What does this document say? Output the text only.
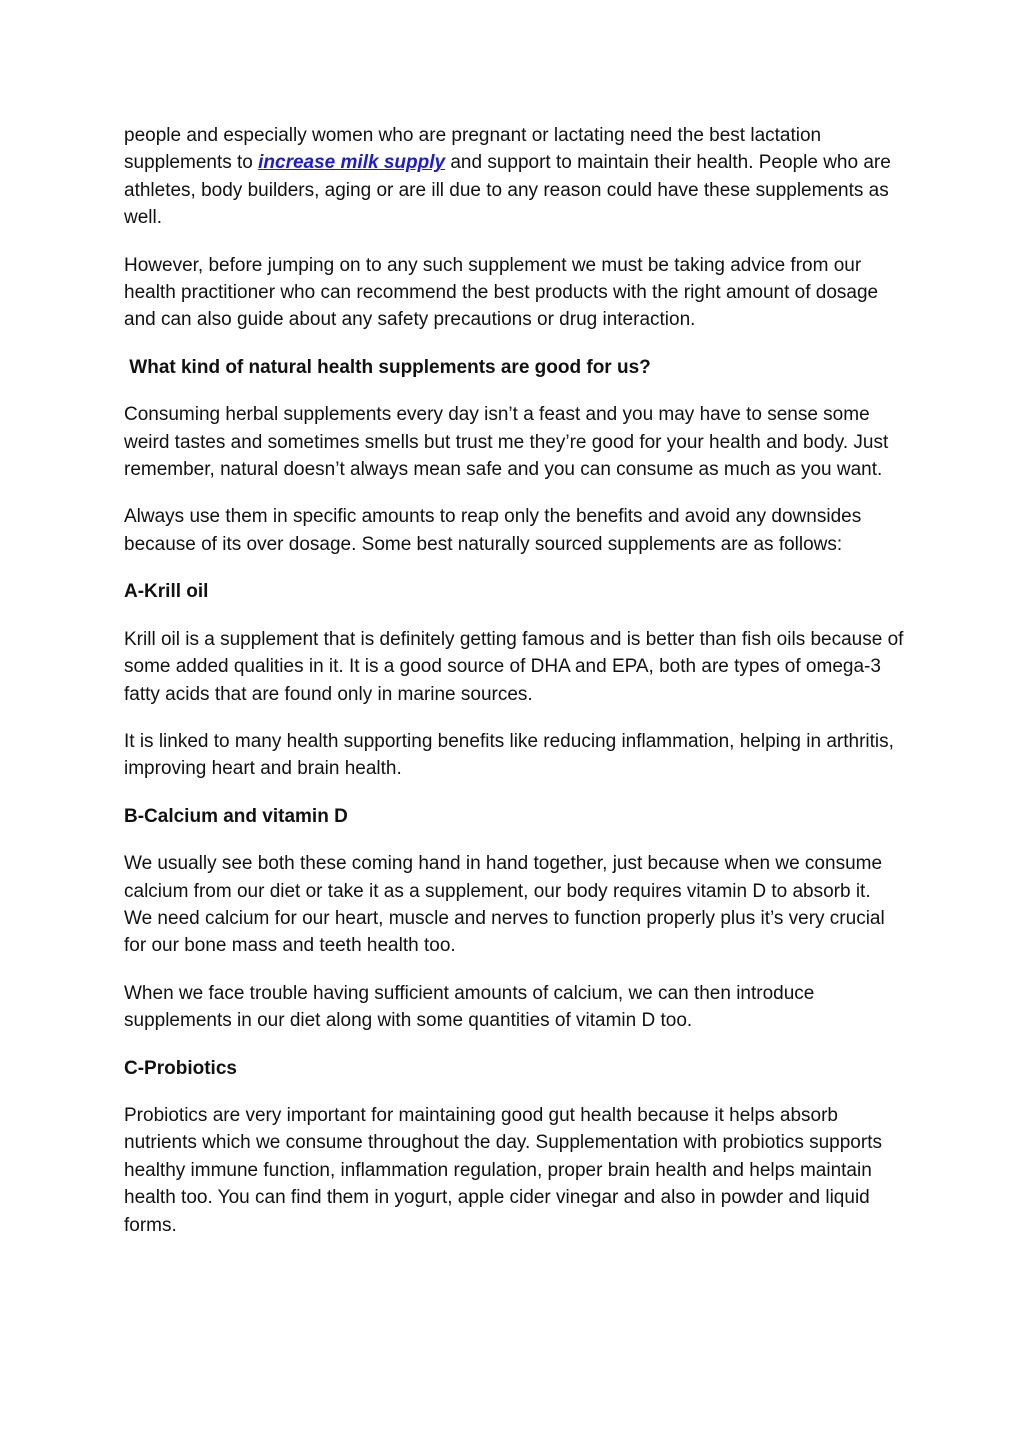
people and especially women who are pregnant or lactating need the best lactation supplements to increase milk supply and support to maintain their health. People who are athletes, body builders, aging or are ill due to any reason could have these supplements as well.

However, before jumping on to any such supplement we must be taking advice from our health practitioner who can recommend the best products with the right amount of dosage and can also guide about any safety precautions or drug interaction.

What kind of natural health supplements are good for us?

Consuming herbal supplements every day isn’t a feast and you may have to sense some weird tastes and sometimes smells but trust me they’re good for your health and body. Just remember, natural doesn’t always mean safe and you can consume as much as you want.

Always use them in specific amounts to reap only the benefits and avoid any downsides because of its over dosage. Some best naturally sourced supplements are as follows:

A-Krill oil

Krill oil is a supplement that is definitely getting famous and is better than fish oils because of some added qualities in it. It is a good source of DHA and EPA, both are types of omega-3 fatty acids that are found only in marine sources.

It is linked to many health supporting benefits like reducing inflammation, helping in arthritis, improving heart and brain health.

B-Calcium and vitamin D

We usually see both these coming hand in hand together, just because when we consume calcium from our diet or take it as a supplement, our body requires vitamin D to absorb it. We need calcium for our heart, muscle and nerves to function properly plus it’s very crucial for our bone mass and teeth health too.

When we face trouble having sufficient amounts of calcium, we can then introduce supplements in our diet along with some quantities of vitamin D too.

C-Probiotics

Probiotics are very important for maintaining good gut health because it helps absorb nutrients which we consume throughout the day. Supplementation with probiotics supports healthy immune function, inflammation regulation, proper brain health and helps maintain health too. You can find them in yogurt, apple cider vinegar and also in powder and liquid forms.
